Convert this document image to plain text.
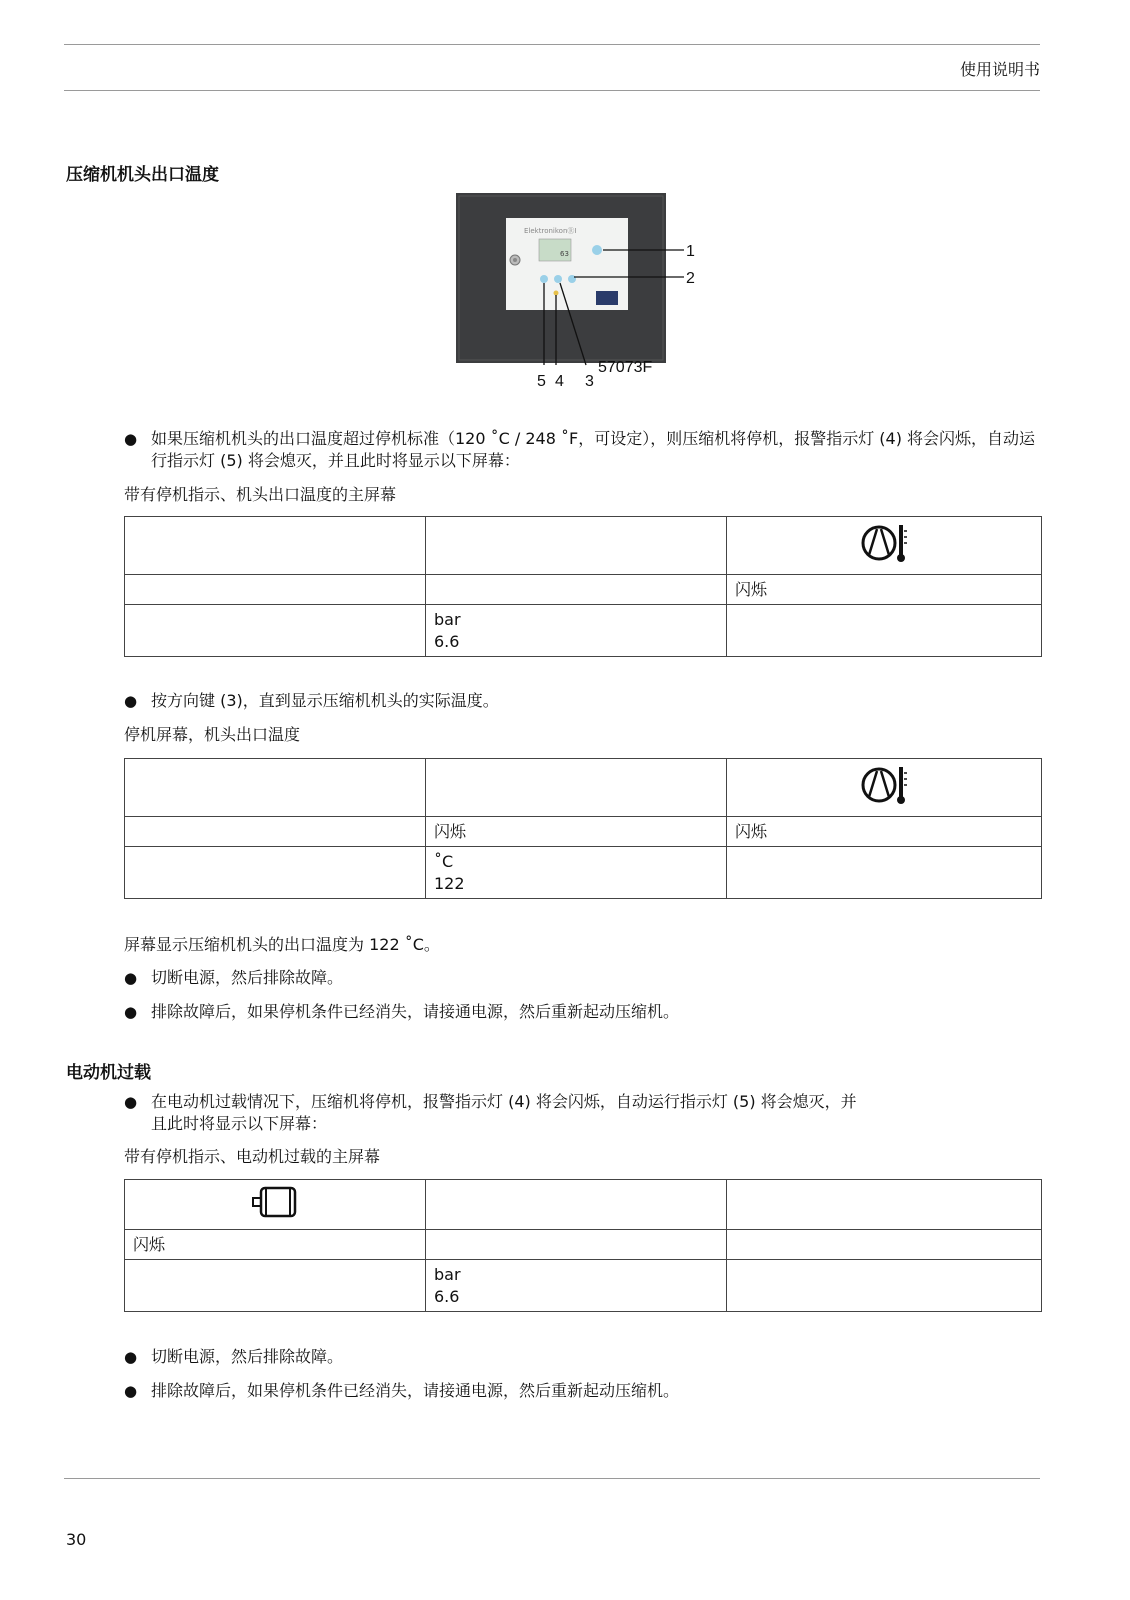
使用说明书
压缩机机头出口温度
ElektronikonⓇI
63	1
2
5 4 3
57073F
● 如果压缩机机头的出口温度超过停机标准（120 ˚C / 248 ˚F，可设定），则压缩机将停机，报警指示灯 (4) 将会闪烁，自动运行指示灯 (5) 将会熄灭，并且此时将显示以下屏幕：
带有停机指示、机头出口温度的主屏幕

		闪烁

	bar
6.6	

● 按方向键 (3)，直到显示压缩机机头的实际温度。
停机屏幕，机头出口温度

	闪烁	闪烁

	˚C
122	

屏幕显示压缩机机头的出口温度为 122 ˚C。
● 切断电源，然后排除故障。
● 排除故障后，如果停机条件已经消失，请接通电源，然后重新起动压缩机。
电动机过载
● 在电动机过载情况下，压缩机将停机，报警指示灯 (4) 将会闪烁，自动运行指示灯 (5) 将会熄灭，并且此时将显示以下屏幕：
带有停机指示、电动机过载的主屏幕

闪烁		

	bar
6.6	

● 切断电源，然后排除故障。
● 排除故障后，如果停机条件已经消失，请接通电源，然后重新起动压缩机。
30
